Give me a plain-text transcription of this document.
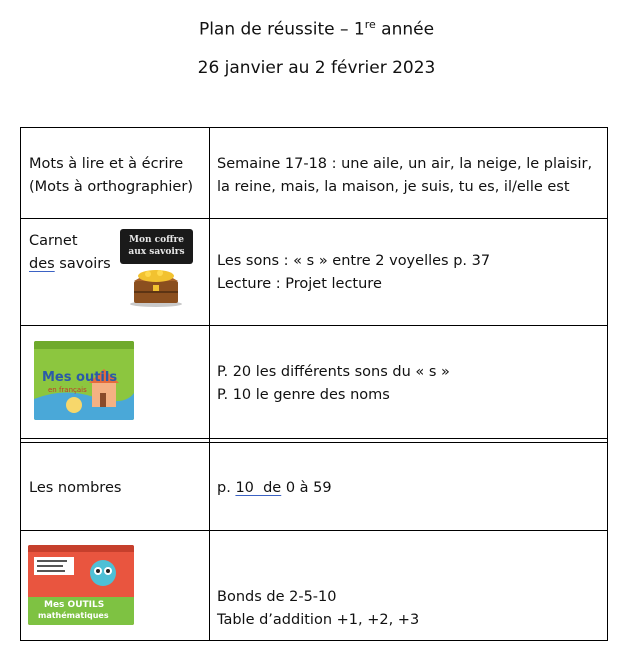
Plan de réussite – 1re année
26 janvier au 2 février 2023
Mots à lire et à écrire
(Mots à orthographier)
Semaine 17-18 : une aile, un air, la neige, le plaisir,
la reine, mais, la maison, je suis, tu es, il/elle est
Carnet
des savoirs
Mon coffre
aux savoirs
Les sons : « s » entre 2 voyelles p. 37
Lecture : Projet lecture
Mes outils
en français
P. 20 les différents sons du « s »
P. 10 le genre des noms
Les nombres	p. 10  de 0 à 59
Mes OUTILS
mathématiques
Bonds de 2-5-10
Table d’addition +1, +2, +3
